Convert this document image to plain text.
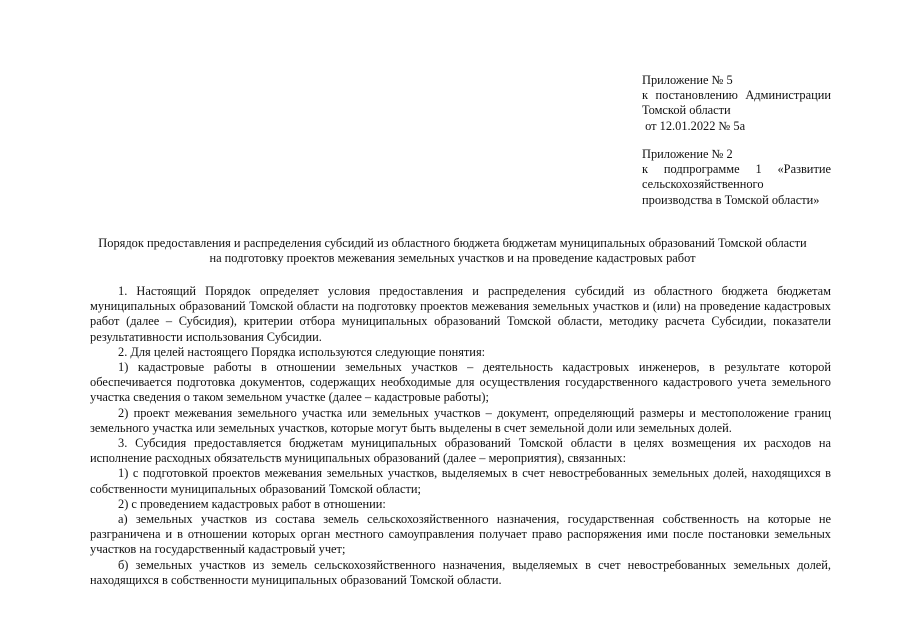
Приложение № 5
к постановлению Администрации
Томской области
от 12.01.2022 № 5а
Приложение № 2
к подпрограмме 1 «Развитие
сельскохозяйственного
производства в Томской области»
Порядок предоставления и распределения субсидий из областного бюджета бюджетам муниципальных образований Томской области
на подготовку проектов межевания земельных участков и на проведение кадастровых работ

1. Настоящий Порядок определяет условия предоставления и распределения субсидий из областного бюджета бюджетам муниципальных образований Томской области на подготовку проектов межевания земельных участков и (или) на проведение кадастровых работ (далее – Субсидия), критерии отбора муниципальных образований Томской области, методику расчета Субсидии, показатели результативности использования Субсидии.

2. Для целей настоящего Порядка используются следующие понятия:

1) кадастровые работы в отношении земельных участков – деятельность кадастровых инженеров, в результате которой обеспечивается подготовка документов, содержащих необходимые для осуществления государственного кадастрового учета земельного участка сведения о таком земельном участке (далее – кадастровые работы);

2) проект межевания земельного участка или земельных участков – документ, определяющий размеры и местоположение границ земельного участка или земельных участков, которые могут быть выделены в счет земельной доли или земельных долей.

3. Субсидия предоставляется бюджетам муниципальных образований Томской области в целях возмещения их расходов на исполнение расходных обязательств муниципальных образований (далее – мероприятия), связанных:

1) с подготовкой проектов межевания земельных участков, выделяемых в счет невостребованных земельных долей, находящихся в собственности муниципальных образований Томской области;

2) с проведением кадастровых работ в отношении:

а) земельных участков из состава земель сельскохозяйственного назначения, государственная собственность на которые не разграничена и в отношении которых орган местного самоуправления получает право распоряжения ими после постановки земельных участков на государственный кадастровый учет;

б) земельных участков из земель сельскохозяйственного назначения, выделяемых в счет невостребованных земельных долей, находящихся в собственности муниципальных образований Томской области.
